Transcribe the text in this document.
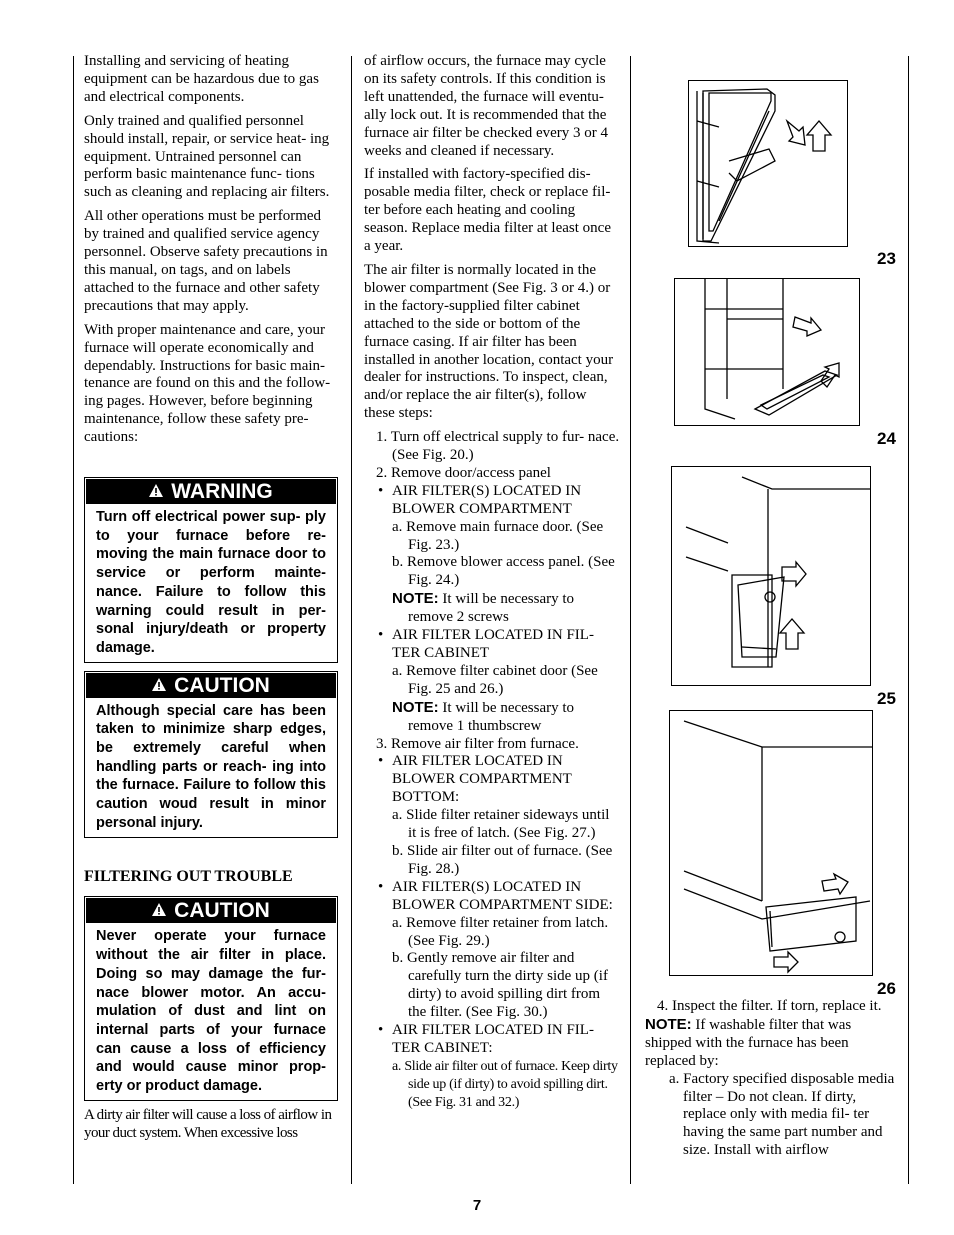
Installing and servicing of heating equipment can be hazardous due to gas and electrical components.

Only trained and qualified personnel should install, repair, or service heat- ing equipment. Untrained personnel can perform basic maintenance func- tions such as cleaning and replacing air filters.

All other operations must be performed by trained and qualified service agency personnel. Observe safety precautions in this manual, on tags, and on labels attached to the furnace and other safety precautions that may apply.

With proper maintenance and care, your furnace will operate economically and dependably. Instructions for basic main- tenance are found on this and the follow- ing pages. However, before beginning maintenance, follow these safety pre- cautions:

WARNING
Turn off electrical power sup- ply to your furnace before re- moving the main furnace door to service or perform mainte- nance. Failure to follow this warning could result in per- sonal injury/death or property damage.
CAUTION
Although special care has been taken to minimize sharp edges, be extremely careful when handling parts or reach- ing into the furnace. Failure to follow this caution woud result in minor personal injury.

FILTERING OUT TROUBLE

CAUTION
Never operate your furnace without the air filter in place. Doing so may damage the fur- nace blower motor. An accu- mulation of dust and lint on internal parts of your furnace can cause a loss of efficiency and would cause minor prop- erty or product damage.

A dirty air filter will cause a loss of airflow in your duct system. When excessive loss

of airflow occurs, the furnace may cycle on its safety controls. If this condition is left unattended, the furnace will eventu- ally lock out. It is recommended that the furnace air filter be checked every 3 or 4 weeks and cleaned if necessary.

If installed with factory-specified dis- posable media filter, check or replace fil- ter before each heating and cooling season. Replace media filter at least once a year.

The air filter is normally located in the blower compartment (See Fig. 3 or 4.) or in the factory-supplied filter cabinet attached to the side or bottom of the furnace casing. If air filter has been installed in another location, contact your dealer for instructions. To inspect, clean, and/or replace the air filter(s), follow these steps:

1. Turn off electrical supply to fur- nace. (See Fig. 20.)
2. Remove door/access panel
• AIR FILTER(S) LOCATED IN BLOWER COMPARTMENT
a. Remove main furnace door. (See Fig. 23.)
b. Remove blower access panel. (See Fig. 24.)
NOTE: It will be necessary to remove 2 screws
• AIR FILTER LOCATED IN FIL- TER CABINET
a. Remove filter cabinet door (See Fig. 25 and 26.)
NOTE: It will be necessary to remove 1 thumbscrew
3. Remove air filter from furnace.
• AIR FILTER LOCATED IN BLOWER COMPARTMENT BOTTOM:
a. Slide filter retainer sideways until it is free of latch. (See Fig. 27.)
b. Slide air filter out of furnace. (See Fig. 28.)
• AIR FILTER(S) LOCATED IN BLOWER COMPARTMENT SIDE:
a. Remove filter retainer from latch. (See Fig. 29.)
b. Gently remove air filter and carefully turn the dirty side up (if dirty) to avoid spilling dirt from the filter. (See Fig. 30.)
• AIR FILTER LOCATED IN FIL- TER CABINET:
a. Slide air filter out of furnace. Keep dirty side up (if dirty) to avoid spilling dirt. (See Fig. 31 and 32.)
23
24
25
26
4. Inspect the filter. If torn, replace it.
NOTE: If washable filter that was shipped with the furnace has been replaced by:
a. Factory specified disposable media filter – Do not clean. If dirty, replace only with media fil- ter having the same part number and size. Install with airflow
7
